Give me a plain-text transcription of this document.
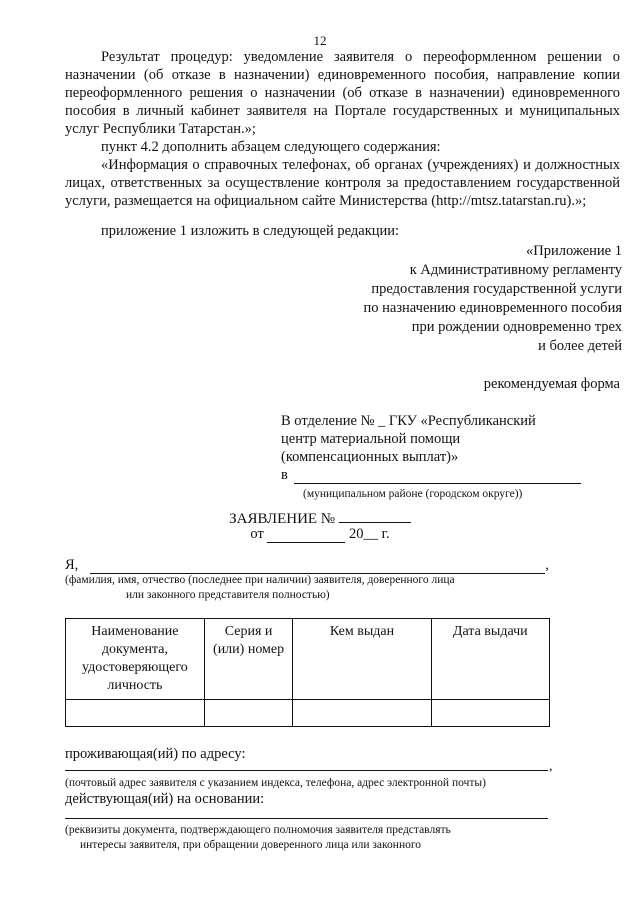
12
Результат процедур: уведомление заявителя о переоформленном решении о назначении (об отказе в назначении) единовременного пособия, направление копии переоформленного решения о назначении (об отказе в назначении) единовременного пособия в личный кабинет заявителя на Портале государственных и муниципальных услуг Республики Татарстан.»;
пункт 4.2 дополнить абзацем следующего содержания:
«Информация о справочных телефонах, об органах (учреждениях) и должностных лицах, ответственных за осуществление контроля за предоставлением государственной услуги, размещается на официальном сайте Министерства (http://mtsz.tatarstan.ru).»;
приложение 1 изложить в следующей редакции:
«Приложение 1
к Административному регламенту
предоставления государственной услуги
по назначению единовременного пособия
при рождении одновременно трех
и более детей
рекомендуемая форма
В отделение № _ ГКУ «Республиканский
центр материальной помощи
(компенсационных выплат)»
в
(муниципальном районе (городском округе))
ЗАЯВЛЕНИЕ №
от	20__ г.
Я,	,
(фамилия, имя, отчество (последнее при наличии) заявителя, доверенного лица
или законного представителя полностью)
Наименование документа, удостоверяющего личность	Серия и (или) номер	Кем выдан	Дата выдачи

проживающая(ий) по адресу:
,
(почтовый адрес заявителя с указанием индекса, телефона, адрес электронной почты)
действующая(ий) на основании:
(реквизиты документа, подтверждающего полномочия заявителя представлять
интересы заявителя, при обращении доверенного лица или законного
